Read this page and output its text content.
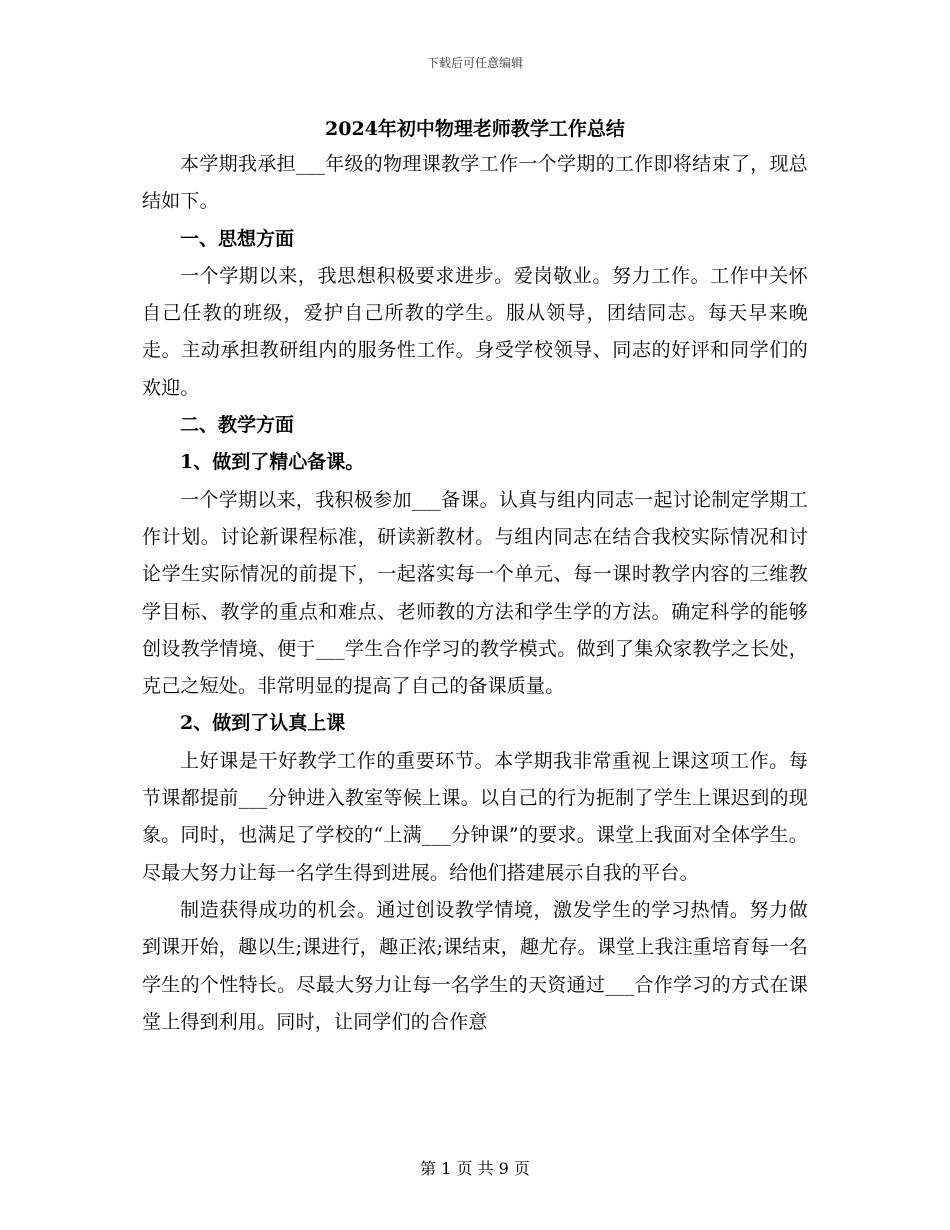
下载后可任意编辑
2024年初中物理老师教学工作总结

本学期我承担___年级的物理课教学工作一个学期的工作即将结束了，现总结如下。

一、思想方面

一个学期以来，我思想积极要求进步。爱岗敬业。努力工作。工作中关怀自己任教的班级，爱护自己所教的学生。服从领导，团结同志。每天早来晚走。主动承担教研组内的服务性工作。身受学校领导、同志的好评和同学们的欢迎。

二、教学方面

1、做到了精心备课。

一个学期以来，我积极参加___备课。认真与组内同志一起讨论制定学期工作计划。讨论新课程标准，研读新教材。与组内同志在结合我校实际情况和讨论学生实际情况的前提下，一起落实每一个单元、每一课时教学内容的三维教学目标、教学的重点和难点、老师教的方法和学生学的方法。确定科学的能够创设教学情境、便于___学生合作学习的教学模式。做到了集众家教学之长处，克己之短处。非常明显的提高了自己的备课质量。

2、做到了认真上课

上好课是干好教学工作的重要环节。本学期我非常重视上课这项工作。每节课都提前___分钟进入教室等候上课。以自己的行为扼制了学生上课迟到的现象。同时，也满足了学校的“上满___分钟课”的要求。课堂上我面对全体学生。尽最大努力让每一名学生得到进展。给他们搭建展示自我的平台。

制造获得成功的机会。通过创设教学情境，激发学生的学习热情。努力做到课开始，趣以生;课进行，趣正浓;课结束，趣尤存。课堂上我注重培育每一名学生的个性特长。尽最大努力让每一名学生的天资通过___合作学习的方式在课堂上得到利用。同时，让同学们的合作意

第 1 页 共 9 页
